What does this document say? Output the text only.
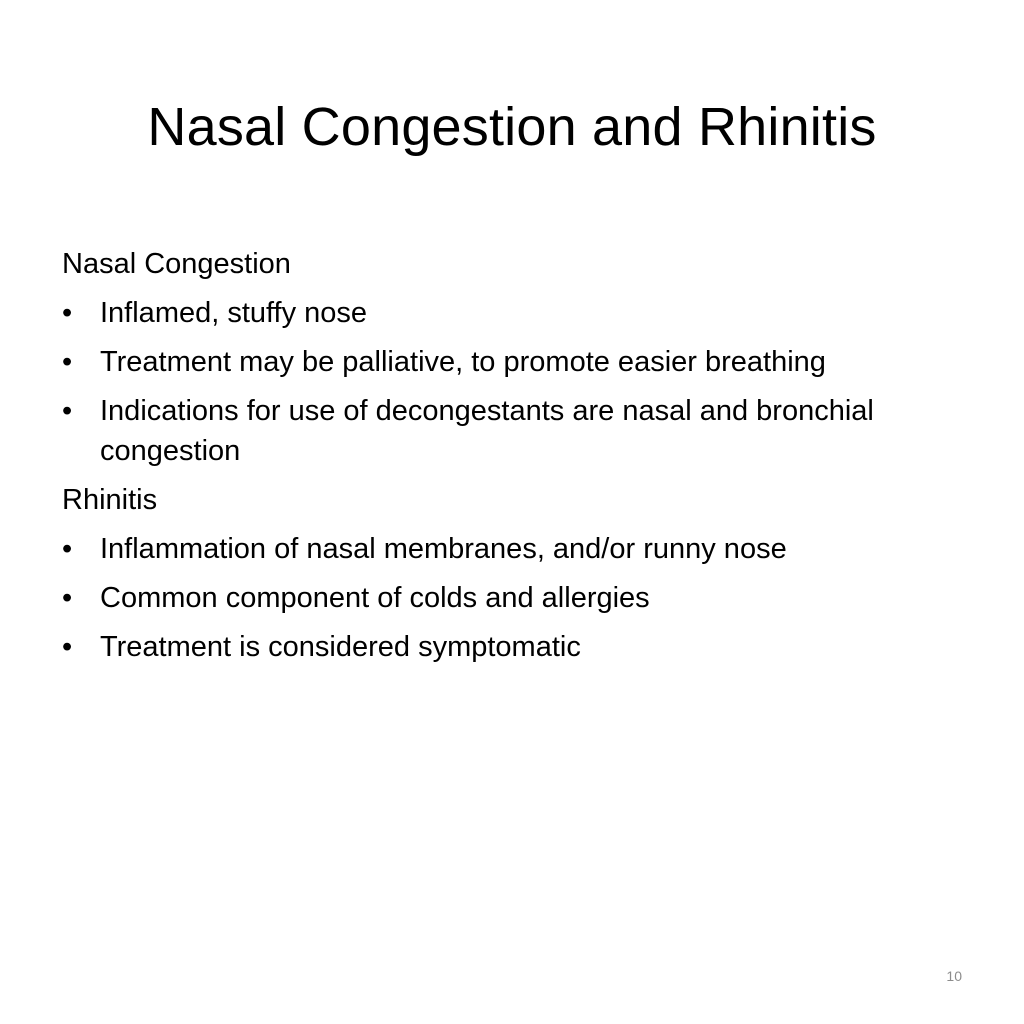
Nasal Congestion and Rhinitis
Nasal Congestion
• Inflamed, stuffy nose
• Treatment may be palliative, to promote easier breathing
• Indications for use of decongestants are nasal and bronchial congestion
Rhinitis
• Inflammation of nasal membranes, and/or runny nose
• Common component of colds and allergies
• Treatment is considered symptomatic
10
